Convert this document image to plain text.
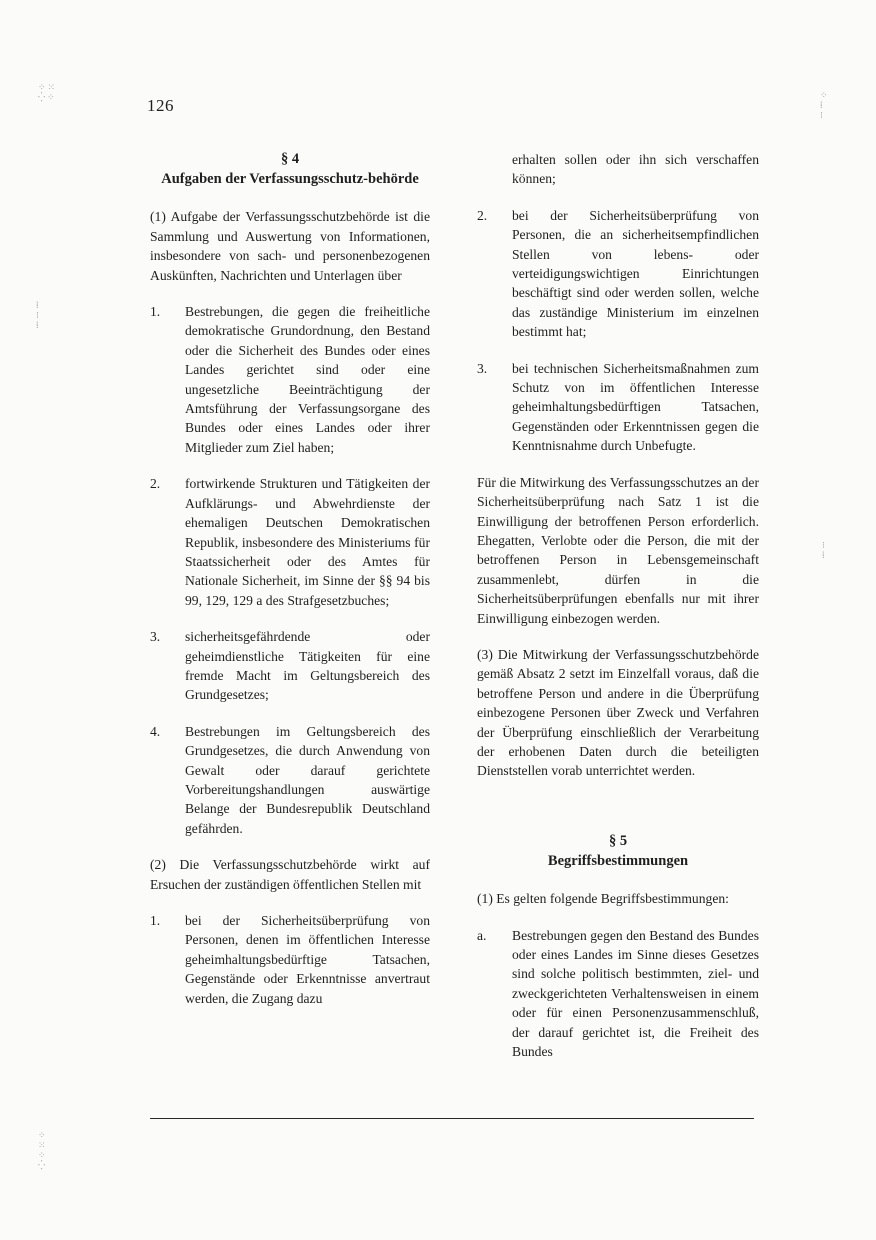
126
⁘⁙
⁛⁘
⁞
⁝
⁞
⁘
⁙
⁘
⁛
⁘
⁞
⁝
⁝
⁞

§ 4

Aufgaben der Verfassungsschutz-behörde

(1) Aufgabe der Verfassungsschutzbehörde ist die Sammlung und Auswertung von Informationen, insbesondere von sach- und personenbezogenen Auskünften, Nachrichten und Unterlagen über

1.	Bestrebungen, die gegen die freiheitliche demokratische Grundordnung, den Bestand oder die Sicherheit des Bundes oder eines Landes gerichtet sind oder eine ungesetzliche Beeinträchtigung der Amtsführung der Verfassungsorgane des Bundes oder eines Landes oder ihrer Mitglieder zum Ziel haben;
2.	fortwirkende Strukturen und Tätigkeiten der Aufklärungs- und Abwehrdienste der ehemaligen Deutschen Demokratischen Republik, insbesondere des Ministeriums für Staatssicherheit oder des Amtes für Nationale Sicherheit, im Sinne der §§ 94 bis 99, 129, 129 a des Strafgesetzbuches;
3.	sicherheitsgefährdende oder geheimdienstliche Tätigkeiten für eine fremde Macht im Geltungsbereich des Grundgesetzes;
4.	Bestrebungen im Geltungsbereich des Grundgesetzes, die durch Anwendung von Gewalt oder darauf gerichtete Vorbereitungshandlungen auswärtige Belange der Bundesrepublik Deutschland gefährden.

(2) Die Verfassungsschutzbehörde wirkt auf Ersuchen der zuständigen öffentlichen Stellen mit

1.	bei der Sicherheitsüberprüfung von Personen, denen im öffentlichen Interesse geheimhaltungsbedürftige Tatsachen, Gegenstände oder Erkenntnisse anvertraut werden, die Zugang dazu

erhalten sollen oder ihn sich verschaffen können;

2.	bei der Sicherheitsüberprüfung von Personen, die an sicherheitsempfindlichen Stellen von lebens- oder verteidigungswichtigen Einrichtungen beschäftigt sind oder werden sollen, welche das zuständige Ministerium im einzelnen bestimmt hat;
3.	bei technischen Sicherheitsmaßnahmen zum Schutz von im öffentlichen Interesse geheimhaltungsbedürftigen Tatsachen, Gegenständen oder Erkenntnissen gegen die Kenntnisnahme durch Unbefugte.

Für die Mitwirkung des Verfassungsschutzes an der Sicherheitsüberprüfung nach Satz 1 ist die Einwilligung der betroffenen Person erforderlich. Ehegatten, Verlobte oder die Person, die mit der betroffenen Person in Lebensgemeinschaft zusammenlebt, dürfen in die Sicherheitsüberprüfungen ebenfalls nur mit ihrer Einwilligung einbezogen werden.

(3) Die Mitwirkung der Verfassungsschutzbehörde gemäß Absatz 2 setzt im Einzelfall voraus, daß die betroffene Person und andere in die Überprüfung einbezogene Personen über Zweck und Verfahren der Überprüfung einschließlich der Verarbeitung der erhobenen Daten durch die beteiligten Dienststellen vorab unterrichtet werden.

§ 5

Begriffsbestimmungen

(1) Es gelten folgende Begriffsbestimmungen:

a.	Bestrebungen gegen den Bestand des Bundes oder eines Landes im Sinne dieses Gesetzes sind solche politisch bestimmten, ziel- und zweckgerichteten Verhaltensweisen in einem oder für einen Personenzusammenschluß, der darauf gerichtet ist, die Freiheit des Bundes
